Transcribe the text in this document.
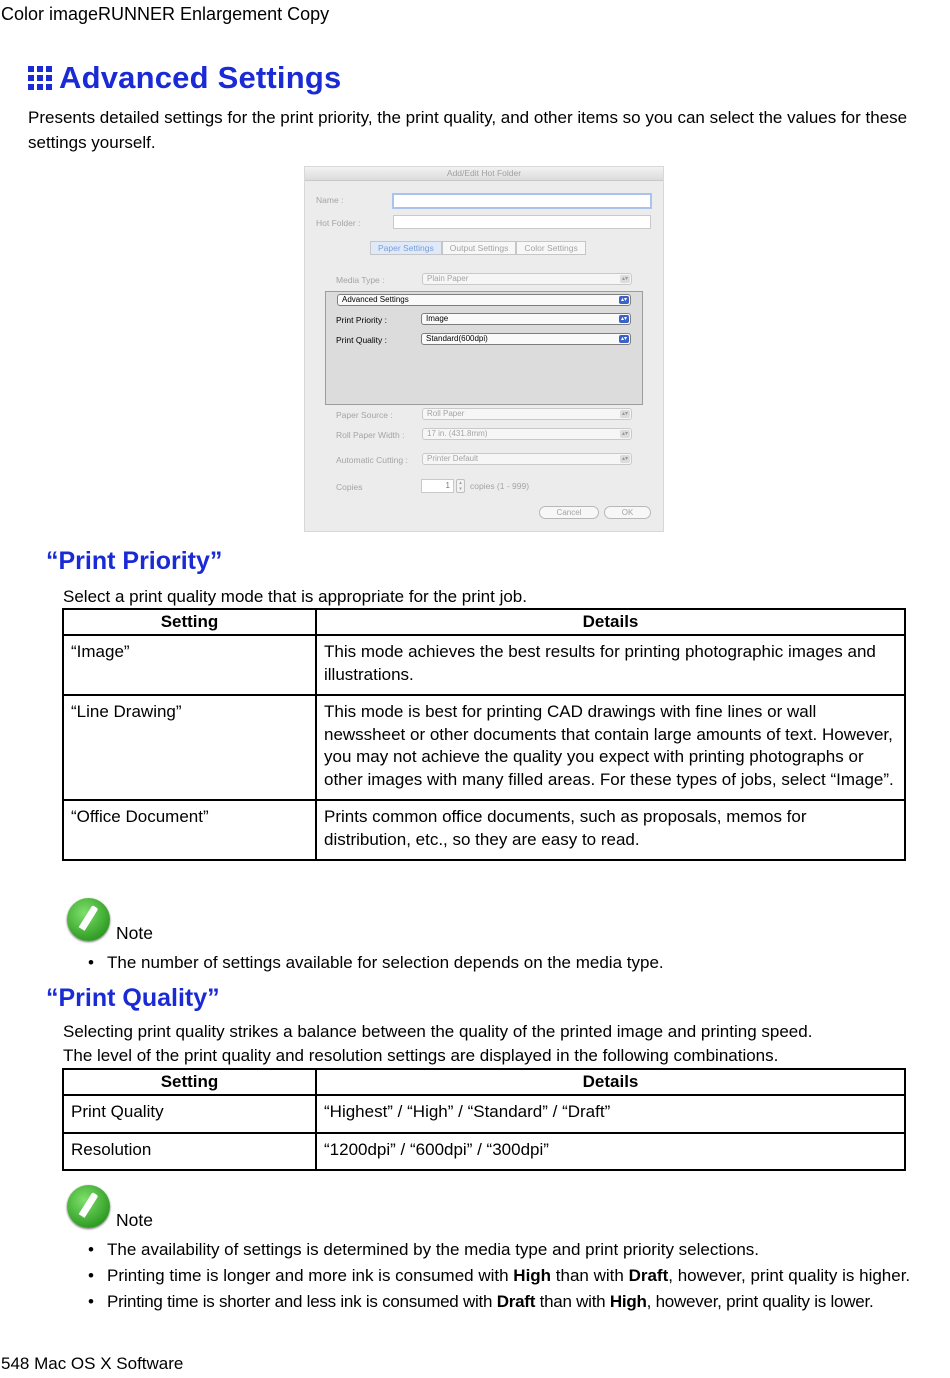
Color imageRUNNER Enlargement Copy
Advanced Settings
Presents detailed settings for the print priority, the print quality, and other items so you can select the values for these settings yourself.
Add/Edit Hot Folder
Name :
Hot Folder :
Paper Settings	Output Settings	Color Settings
Media Type :	Plain Paper	▴▾
Advanced Settings	▴▾
Print Priority :	Image	▴▾
Print Quality :	Standard(600dpi)	▴▾
Paper Source :	Roll Paper	▴▾
Roll Paper Width :	17 in. (431.8mm)	▴▾
Automatic Cutting :	Printer Default	▴▾
Copies	1	▴
▾ copies (1 - 999)
Cancel	OK
“Print Priority”
Select a print quality mode that is appropriate for the print job.
Setting	Details
“Image”	This mode achieves the best results for printing photographic images and illustrations.
“Line Drawing”	This mode is best for printing CAD drawings with fine lines or wall newssheet or other documents that contain large amounts of text. However, you may not achieve the quality you expect with printing photographs or other images with many filled areas. For these types of jobs, select “Image”.
“Office Document”	Prints common office documents, such as proposals, memos for distribution, etc., so they are easy to read.
Note
• The number of settings available for selection depends on the media type.
“Print Quality”
Selecting print quality strikes a balance between the quality of the printed image and printing speed.
The level of the print quality and resolution settings are displayed in the following combinations.
Setting	Details
Print Quality	“Highest” / “High” / “Standard” / “Draft”
Resolution	“1200dpi” / “600dpi” / “300dpi”
Note
• The availability of settings is determined by the media type and print priority selections.
• Printing time is longer and more ink is consumed with High than with Draft, however, print quality is higher.
• Printing time is shorter and less ink is consumed with Draft than with High, however, print quality is lower.
548 Mac OS X Software
